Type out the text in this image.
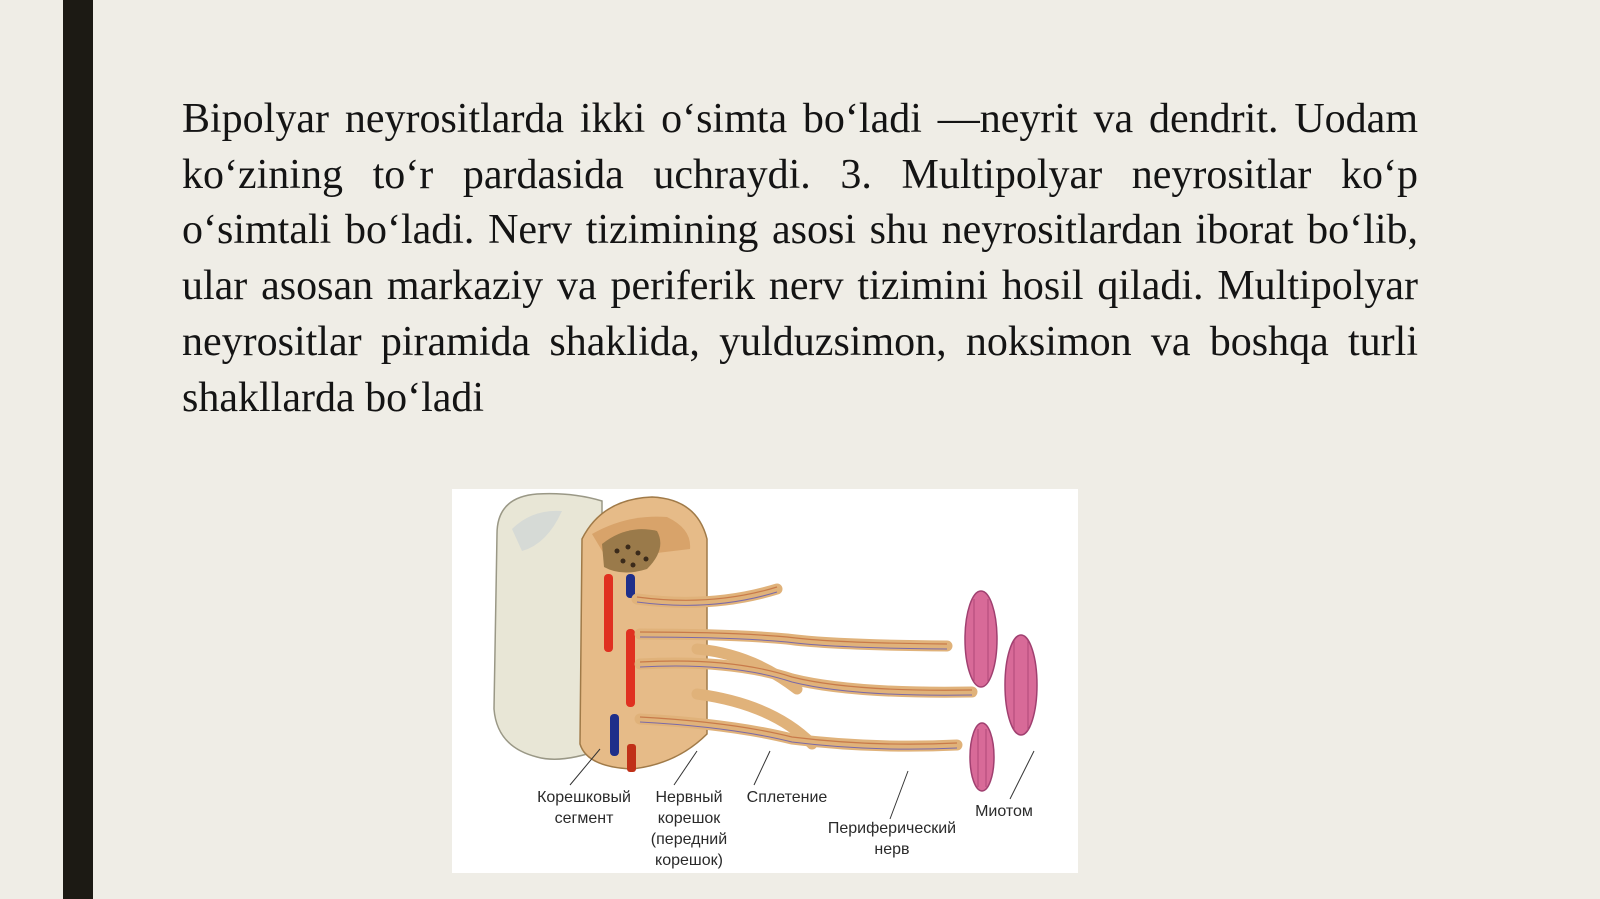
Bipolyar neyrositlarda ikki o‘simta bo‘ladi —neyrit va dendrit. Uodam ko‘zining to‘r pardasida uchraydi. 3. Multipolyar neyrositlar ko‘p o‘simtali bo‘ladi. Nerv tizimining asosi shu neyrositlardan iborat bo‘lib, ular asosan markaziy va periferik nerv tizimini hosil qiladi. Multipolyar neyrositlar piramida shaklida, yulduzsimon, noksimon va boshqa turli shakllarda bo‘ladi

Корешковый
сегмент
Нервный
корешок
(передний
корешок)
Сплетение
Периферический
нерв
Миотом
